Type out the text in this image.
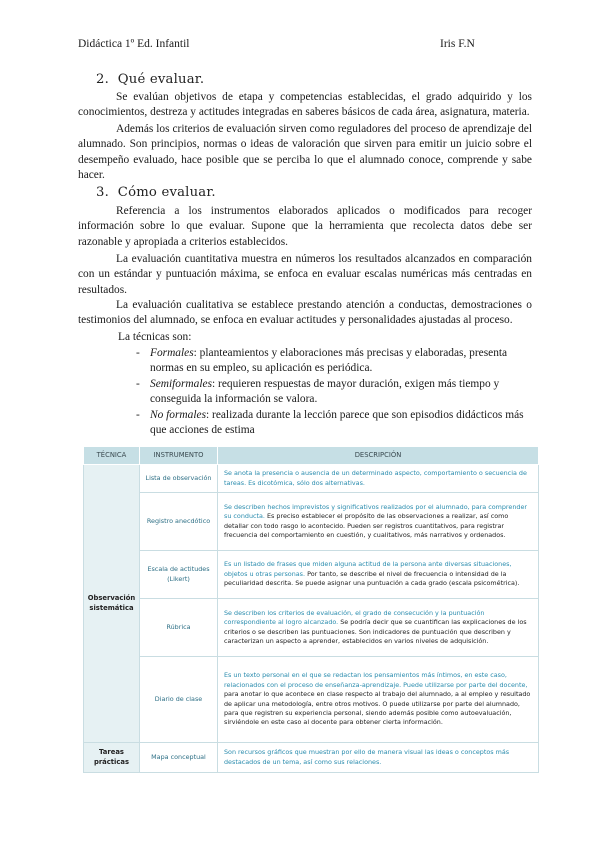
Didáctica 1º Ed. Infantil	Iris F.N
2. Qué evaluar.
Se evalúan objetivos de etapa y competencias establecidas, el grado adquirido y los conocimientos, destreza y actitudes integradas en saberes básicos de cada área, asignatura, materia.
Además los criterios de evaluación sirven como reguladores del proceso de aprendizaje del alumnado. Son principios, normas o ideas de valoración que sirven para emitir un juicio sobre el desempeño evaluado, hace posible que se perciba lo que el alumnado conoce, comprende y sabe hacer.
3. Cómo evaluar.
Referencia a los instrumentos elaborados aplicados o modificados para recoger información sobre lo que evaluar. Supone que la herramienta que recolecta datos debe ser razonable y apropiada a criterios establecidos.
La evaluación cuantitativa muestra en números los resultados alcanzados en comparación con un estándar y puntuación máxima, se enfoca en evaluar escalas numéricas más centradas en resultados.
La evaluación cualitativa se establece prestando atención a conductas, demostraciones o testimonios del alumnado, se enfoca en evaluar actitudes y personalidades ajustadas al proceso.
La técnicas son:
- Formales: planteamientos y elaboraciones más precisas y elaboradas, presenta normas en su empleo, su aplicación es periódica.
- Semiformales: requieren respuestas de mayor duración, exigen más tiempo y conseguida la información se valora.
- No formales: realizada durante la lección parece que son episodios didácticos más que acciones de estima
TÉCNICA	INSTRUMENTO	DESCRIPCIÓN
Observación sistemática	Lista de observación	Se anota la presencia o ausencia de un determinado aspecto, comportamiento o secuencia de tareas. Es dicotómica, sólo dos alternativas.
	Registro anecdótico	Se describen hechos imprevistos y significativos realizados por el alumnado, para comprender su conducta. Es preciso establecer el propósito de las observaciones a realizar, así como detallar con todo rasgo lo acontecido. Pueden ser registros cuantitativos, para registrar frecuencia del comportamiento en cuestión, y cualitativos, más narrativos y ordenados.
	Escala de actitudes (Likert)	Es un listado de frases que miden alguna actitud de la persona ante diversas situaciones, objetos u otras personas. Por tanto, se describe el nivel de frecuencia o intensidad de la peculiaridad descrita. Se puede asignar una puntuación a cada grado (escala psicométrica).
	Rúbrica	Se describen los criterios de evaluación, el grado de consecución y la puntuación correspondiente al logro alcanzado. Se podría decir que se cuantifican las explicaciones de los criterios o se describen las puntuaciones. Son indicadores de puntuación que describen y caracterizan un aspecto a aprender, establecidos en varios niveles de adquisición.
	Diario de clase	Es un texto personal en el que se redactan los pensamientos más íntimos, en este caso, relacionados con el proceso de enseñanza-aprendizaje. Puede utilizarse por parte del docente, para anotar lo que acontece en clase respecto al trabajo del alumnado, a al empleo y resultado de aplicar una metodología, entre otros motivos. O puede utilizarse por parte del alumnado, para que registren su experiencia personal, siendo además posible como autoevaluación, sirviéndole en este caso al docente para obtener cierta información.
Tareas prácticas	Mapa conceptual	Son recursos gráficos que muestran por ello de manera visual las ideas o conceptos más destacados de un tema, así como sus relaciones.
